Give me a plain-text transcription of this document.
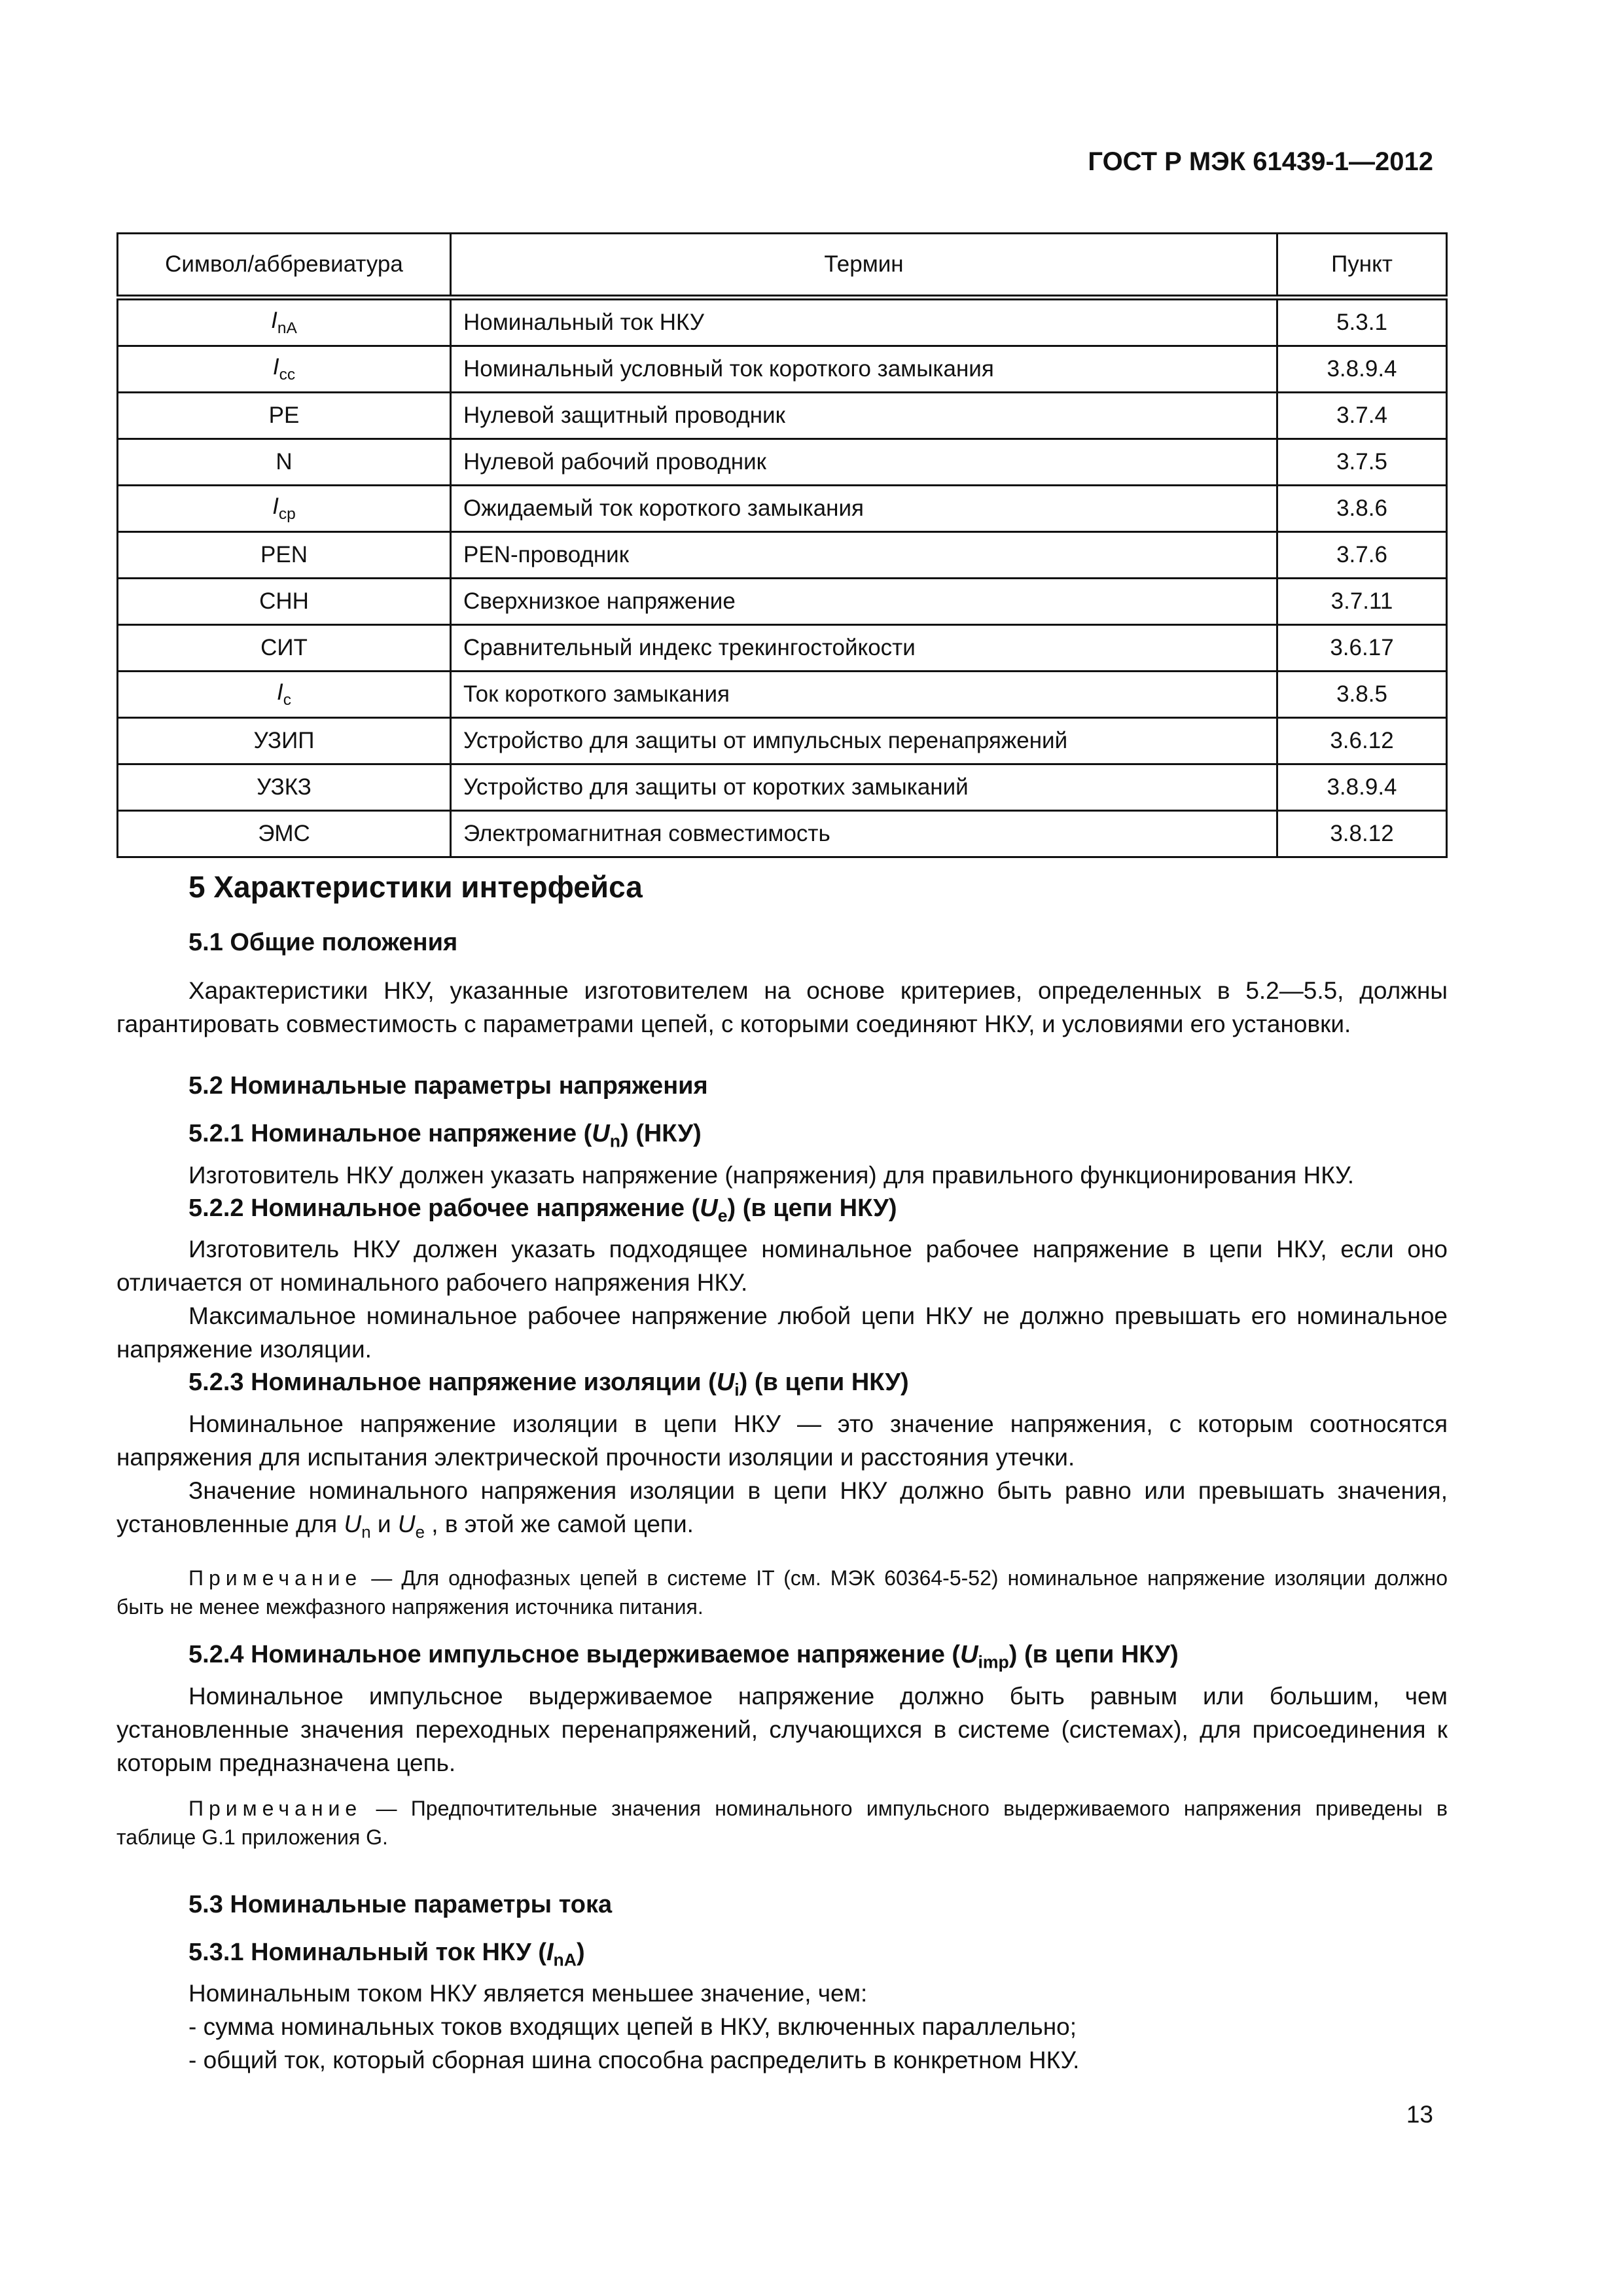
ГОСТ Р МЭК 61439-1—2012
Символ/аббревиатура	Термин	Пункт
$I_{nA}$	Номинальный ток НКУ	5.3.1
$I_{cc}$	Номинальный условный ток короткого замыкания	3.8.9.4
PE	Нулевой защитный проводник	3.7.4
N	Нулевой рабочий проводник	3.7.5
$I_{cp}$	Ожидаемый ток короткого замыкания	3.8.6
PEN	PEN-проводник	3.7.6
СНН	Сверхнизкое напряжение	3.7.11
СИТ	Сравнительный индекс трекингостойкости	3.6.17
$I_c$	Ток короткого замыкания	3.8.5
УЗИП	Устройство для защиты от импульсных перенапряжений	3.6.12
УЗКЗ	Устройство для защиты от коротких замыканий	3.8.9.4
ЭМС	Электромагнитная совместимость	3.8.12
5 Характеристики интерфейса
5.1 Общие положения

Характеристики НКУ, указанные изготовителем на основе критериев, определенных в 5.2—5.5, должны гарантировать совместимость с параметрами цепей, с которыми соединяют НКУ, и условиями его установки.

5.2 Номинальные параметры напряжения
5.2.1 Номинальное напряжение $(U_n)$ (НКУ)

Изготовитель НКУ должен указать напряжение (напряжения) для правильного функционирования НКУ.

5.2.2 Номинальное рабочее напряжение $(U_e)$ (в цепи НКУ)

Изготовитель НКУ должен указать подходящее номинальное рабочее напряжение в цепи НКУ, если оно отличается от номинального рабочего напряжения НКУ.

Максимальное номинальное рабочее напряжение любой цепи НКУ не должно превышать его номинальное напряжение изоляции.

5.2.3 Номинальное напряжение изоляции $(U_i)$ (в цепи НКУ)

Номинальное напряжение изоляции в цепи НКУ — это значение напряжения, с которым соотносятся напряжения для испытания электрической прочности изоляции и расстояния утечки.

Значение номинального напряжения изоляции в цепи НКУ должно быть равно или превышать значения, установленные для $U_n$ и $U_e$ , в этой же самой цепи.

Примечание — Для однофазных цепей в системе IT (см. МЭК 60364-5-52) номинальное напряжение изоляции должно быть не менее межфазного напряжения источника питания.
5.2.4 Номинальное импульсное выдерживаемое напряжение $(U_{imp})$ (в цепи НКУ)

Номинальное импульсное выдерживаемое напряжение должно быть равным или большим, чем установленные значения переходных перенапряжений, случающихся в системе (системах), для присоединения к которым предназначена цепь.

Примечание — Предпочтительные значения номинального импульсного выдерживаемого напряжения приведены в таблице G.1 приложения G.
5.3 Номинальные параметры тока
5.3.1 Номинальный ток НКУ $(I_{nA})$
Номинальным током НКУ является меньшее значение, чем:
- сумма номинальных токов входящих цепей в НКУ, включенных параллельно;
- общий ток, который сборная шина способна распределить в конкретном НКУ.
13
